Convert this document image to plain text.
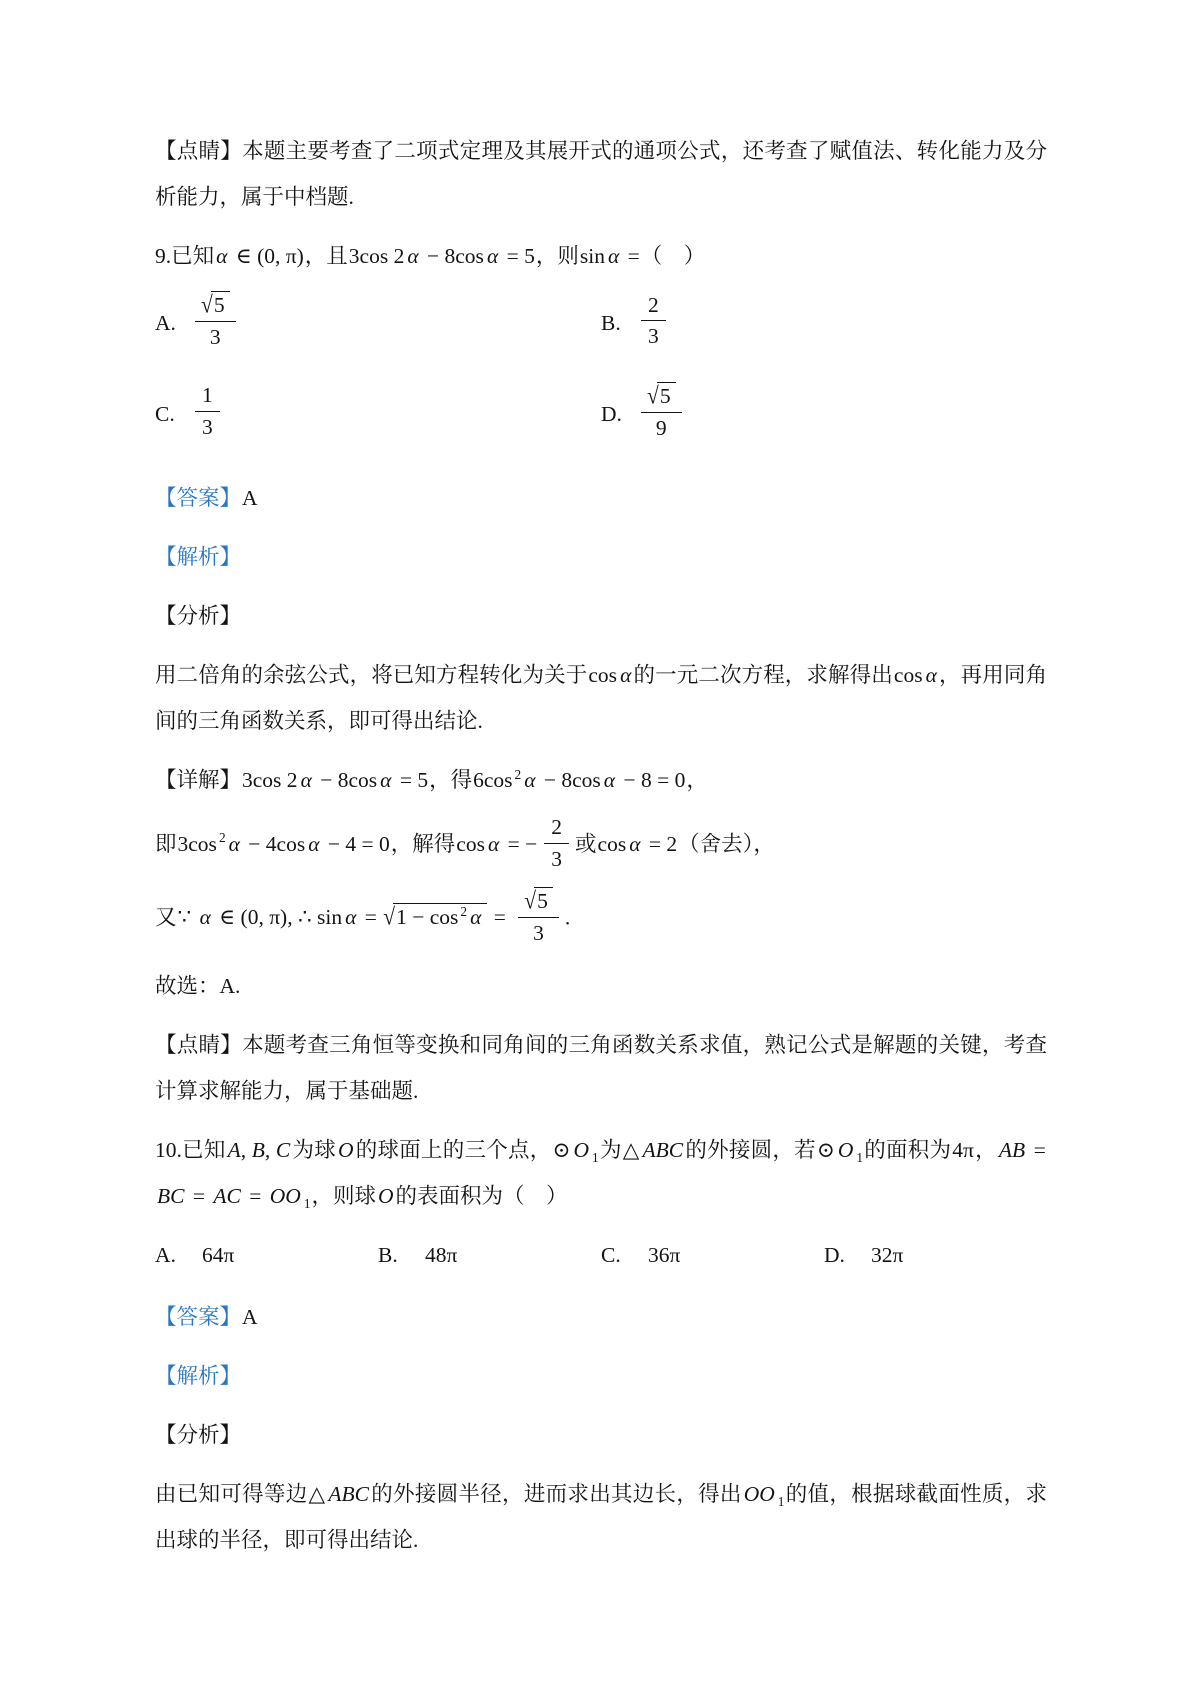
【点睛】本题主要考查了二项式定理及其展开式的通项公式，还考查了赋值法、转化能力及分析能力，属于中档题.

9.已知α ∈ (0, π)，且3cos 2 α − 8cos α = 5，则sin α =（　）

A. $\frac{√5}{3}$	B. $\frac{2}{3}$
C. $\frac{1}{3}$	D. $\frac{√5}{9}$

【答案】A

【解析】

【分析】

用二倍角的余弦公式，将已知方程转化为关于cos α的一元二次方程，求解得出cos α，再用同角间的三角函数关系，即可得出结论.

【详解】3cos 2 α − 8cos α = 5，得6cos $^2$ α − 8cos α − 8 = 0，

即3cos $^2$ α − 4cos α − 4 = 0，解得cos α = − $\frac{2}{3}$ 或cos α = 2（舍去），

又∵ α ∈ (0, π), ∴ sin α = √1 − cos $^2$ $\alpha = \frac{√5}{3}$ .

故选：A.

【点睛】本题考查三角恒等变换和同角间的三角函数关系求值，熟记公式是解题的关键，考查计算求解能力，属于基础题.

10.已知A, B, C为球O的球面上的三个点，⊙ O $_1$为△ ABC的外接圆，若⊙ O $_1$的面积为4π，AB = BC = AC = OO $_1$，则球O的表面积为（　）

A.	64π	B.	48π	C.	36π	D.	32π

【答案】A

【解析】

【分析】

由已知可得等边△ ABC的外接圆半径，进而求出其边长，得出OO $_1$的值，根据球截面性质，求出球的半径，即可得出结论.
